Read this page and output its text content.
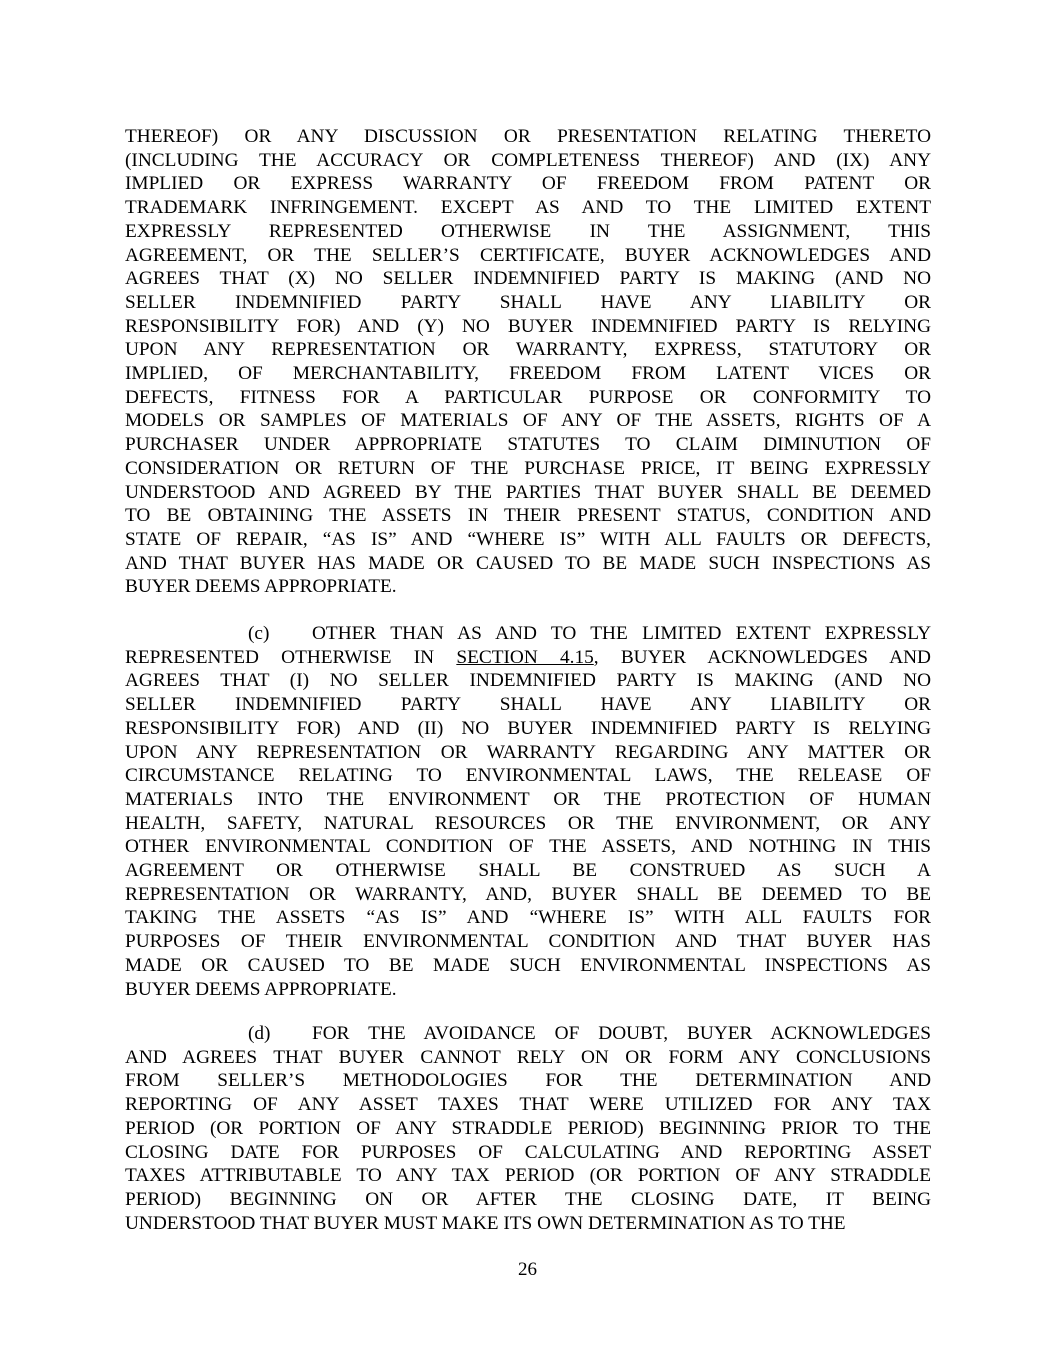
THEREOF) OR ANY DISCUSSION OR PRESENTATION RELATING THERETO
(INCLUDING THE ACCURACY OR COMPLETENESS THEREOF) AND (IX) ANY
IMPLIED OR EXPRESS WARRANTY OF FREEDOM FROM PATENT OR
TRADEMARK INFRINGEMENT. EXCEPT AS AND TO THE LIMITED EXTENT
EXPRESSLY REPRESENTED OTHERWISE IN THE ASSIGNMENT, THIS
AGREEMENT, OR THE SELLER’S CERTIFICATE, BUYER ACKNOWLEDGES AND
AGREES THAT (X) NO SELLER INDEMNIFIED PARTY IS MAKING (AND NO
SELLER INDEMNIFIED PARTY SHALL HAVE ANY LIABILITY OR
RESPONSIBILITY FOR) AND (Y) NO BUYER INDEMNIFIED PARTY IS RELYING
UPON ANY REPRESENTATION OR WARRANTY, EXPRESS, STATUTORY OR
IMPLIED, OF MERCHANTABILITY, FREEDOM FROM LATENT VICES OR
DEFECTS, FITNESS FOR A PARTICULAR PURPOSE OR CONFORMITY TO
MODELS OR SAMPLES OF MATERIALS OF ANY OF THE ASSETS, RIGHTS OF A
PURCHASER UNDER APPROPRIATE STATUTES TO CLAIM DIMINUTION OF
CONSIDERATION OR RETURN OF THE PURCHASE PRICE, IT BEING EXPRESSLY
UNDERSTOOD AND AGREED BY THE PARTIES THAT BUYER SHALL BE DEEMED
TO BE OBTAINING THE ASSETS IN THEIR PRESENT STATUS, CONDITION AND
STATE OF REPAIR, “AS IS” AND “WHERE IS” WITH ALL FAULTS OR DEFECTS,
AND THAT BUYER HAS MADE OR CAUSED TO BE MADE SUCH INSPECTIONS AS
BUYER DEEMS APPROPRIATE.
(c) OTHER THAN AS AND TO THE LIMITED EXTENT EXPRESSLY
REPRESENTED OTHERWISE IN SECTION 4.15, BUYER ACKNOWLEDGES AND
AGREES THAT (I) NO SELLER INDEMNIFIED PARTY IS MAKING (AND NO
SELLER INDEMNIFIED PARTY SHALL HAVE ANY LIABILITY OR
RESPONSIBILITY FOR) AND (II) NO BUYER INDEMNIFIED PARTY IS RELYING
UPON ANY REPRESENTATION OR WARRANTY REGARDING ANY MATTER OR
CIRCUMSTANCE RELATING TO ENVIRONMENTAL LAWS, THE RELEASE OF
MATERIALS INTO THE ENVIRONMENT OR THE PROTECTION OF HUMAN
HEALTH, SAFETY, NATURAL RESOURCES OR THE ENVIRONMENT, OR ANY
OTHER ENVIRONMENTAL CONDITION OF THE ASSETS, AND NOTHING IN THIS
AGREEMENT OR OTHERWISE SHALL BE CONSTRUED AS SUCH A
REPRESENTATION OR WARRANTY, AND, BUYER SHALL BE DEEMED TO BE
TAKING THE ASSETS “AS IS” AND “WHERE IS” WITH ALL FAULTS FOR
PURPOSES OF THEIR ENVIRONMENTAL CONDITION AND THAT BUYER HAS
MADE OR CAUSED TO BE MADE SUCH ENVIRONMENTAL INSPECTIONS AS
BUYER DEEMS APPROPRIATE.
(d) FOR THE AVOIDANCE OF DOUBT, BUYER ACKNOWLEDGES
AND AGREES THAT BUYER CANNOT RELY ON OR FORM ANY CONCLUSIONS
FROM SELLER’S METHODOLOGIES FOR THE DETERMINATION AND
REPORTING OF ANY ASSET TAXES THAT WERE UTILIZED FOR ANY TAX
PERIOD (OR PORTION OF ANY STRADDLE PERIOD) BEGINNING PRIOR TO THE
CLOSING DATE FOR PURPOSES OF CALCULATING AND REPORTING ASSET
TAXES ATTRIBUTABLE TO ANY TAX PERIOD (OR PORTION OF ANY STRADDLE
PERIOD) BEGINNING ON OR AFTER THE CLOSING DATE, IT BEING
UNDERSTOOD THAT BUYER MUST MAKE ITS OWN DETERMINATION AS TO THE
26
